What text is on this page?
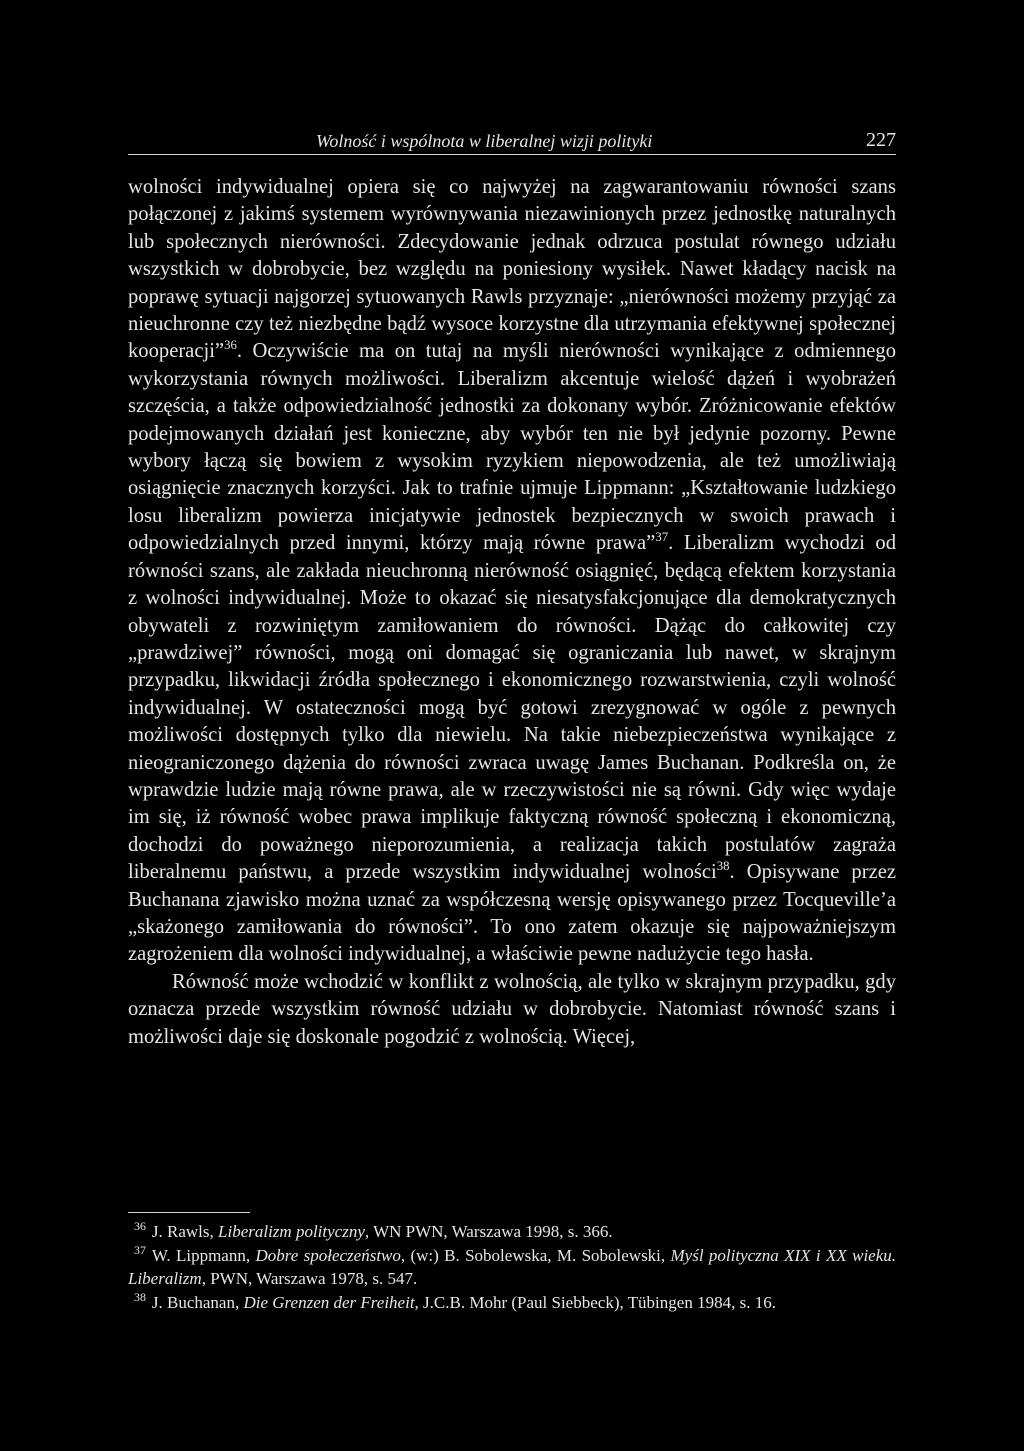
Wolność i wspólnota w liberalnej wizji polityki	227

wolności indywidualnej opiera się co najwyżej na zagwarantowaniu równości szans połączonej z jakimś systemem wyrównywania niezawinionych przez jednostkę naturalnych lub społecznych nierówności. Zdecydowanie jednak odrzuca postulat równego udziału wszystkich w dobrobycie, bez względu na poniesiony wysiłek. Nawet kładący nacisk na poprawę sytuacji najgorzej sytuowanych Rawls przyznaje: „nierówności możemy przyjąć za nieuchronne czy też niezbędne bądź wysoce korzystne dla utrzymania efektywnej społecznej kooperacji”$^{36}$. Oczywiście ma on tutaj na myśli nierówności wynikające z odmiennego wykorzystania równych możliwości. Liberalizm akcentuje wielość dążeń i wyobrażeń szczęścia, a także odpowiedzialność jednostki za dokonany wybór. Zróżnicowanie efektów podejmowanych działań jest konieczne, aby wybór ten nie był jedynie pozorny. Pewne wybory łączą się bowiem z wysokim ryzykiem niepowodzenia, ale też umożliwiają osiągnięcie znacznych korzyści. Jak to trafnie ujmuje Lippmann: „Kształtowanie ludzkiego losu liberalizm powierza inicjatywie jednostek bezpiecznych w swoich prawach i odpowiedzialnych przed innymi, którzy mają równe prawa”$^{37}$. Liberalizm wychodzi od równości szans, ale zakłada nieuchronną nierówność osiągnięć, będącą efektem korzystania z wolności indywidualnej. Może to okazać się niesatysfakcjonujące dla demokratycznych obywateli z rozwiniętym zamiłowaniem do równości. Dążąc do całkowitej czy „prawdziwej” równości, mogą oni domagać się ograniczania lub nawet, w skrajnym przypadku, likwidacji źródła społecznego i ekonomicznego rozwarstwienia, czyli wolność indywidualnej. W ostateczności mogą być gotowi zrezygnować w ogóle z pewnych możliwości dostępnych tylko dla niewielu. Na takie niebezpieczeństwa wynikające z nieograniczonego dążenia do równości zwraca uwagę James Buchanan. Podkreśla on, że wprawdzie ludzie mają równe prawa, ale w rzeczywistości nie są równi. Gdy więc wydaje im się, iż równość wobec prawa implikuje faktyczną równość społeczną i ekonomiczną, dochodzi do poważnego nieporozumienia, a realizacja takich postulatów zagraża liberalnemu państwu, a przede wszystkim indywidualnej wolności$^{38}$. Opisywane przez Buchanana zjawisko można uznać za współczesną wersję opisywanego przez Tocqueville’a „skażonego zamiłowania do równości”. To ono zatem okazuje się najpoważniejszym zagrożeniem dla wolności indywidualnej, a właściwie pewne nadużycie tego hasła.

Równość może wchodzić w konflikt z wolnością, ale tylko w skrajnym przypadku, gdy oznacza przede wszystkim równość udziału w dobrobycie. Natomiast równość szans i możliwości daje się doskonale pogodzić z wolnością. Więcej,

$^{36}$ J. Rawls, Liberalizm polityczny, WN PWN, Warszawa 1998, s. 366.

$^{37}$ W. Lippmann, Dobre społeczeństwo, (w:) B. Sobolewska, M. Sobolewski, Myśl polityczna XIX i XX wieku. Liberalizm, PWN, Warszawa 1978, s. 547.

$^{38}$ J. Buchanan, Die Grenzen der Freiheit, J.C.B. Mohr (Paul Siebbeck), Tübingen 1984, s. 16.
